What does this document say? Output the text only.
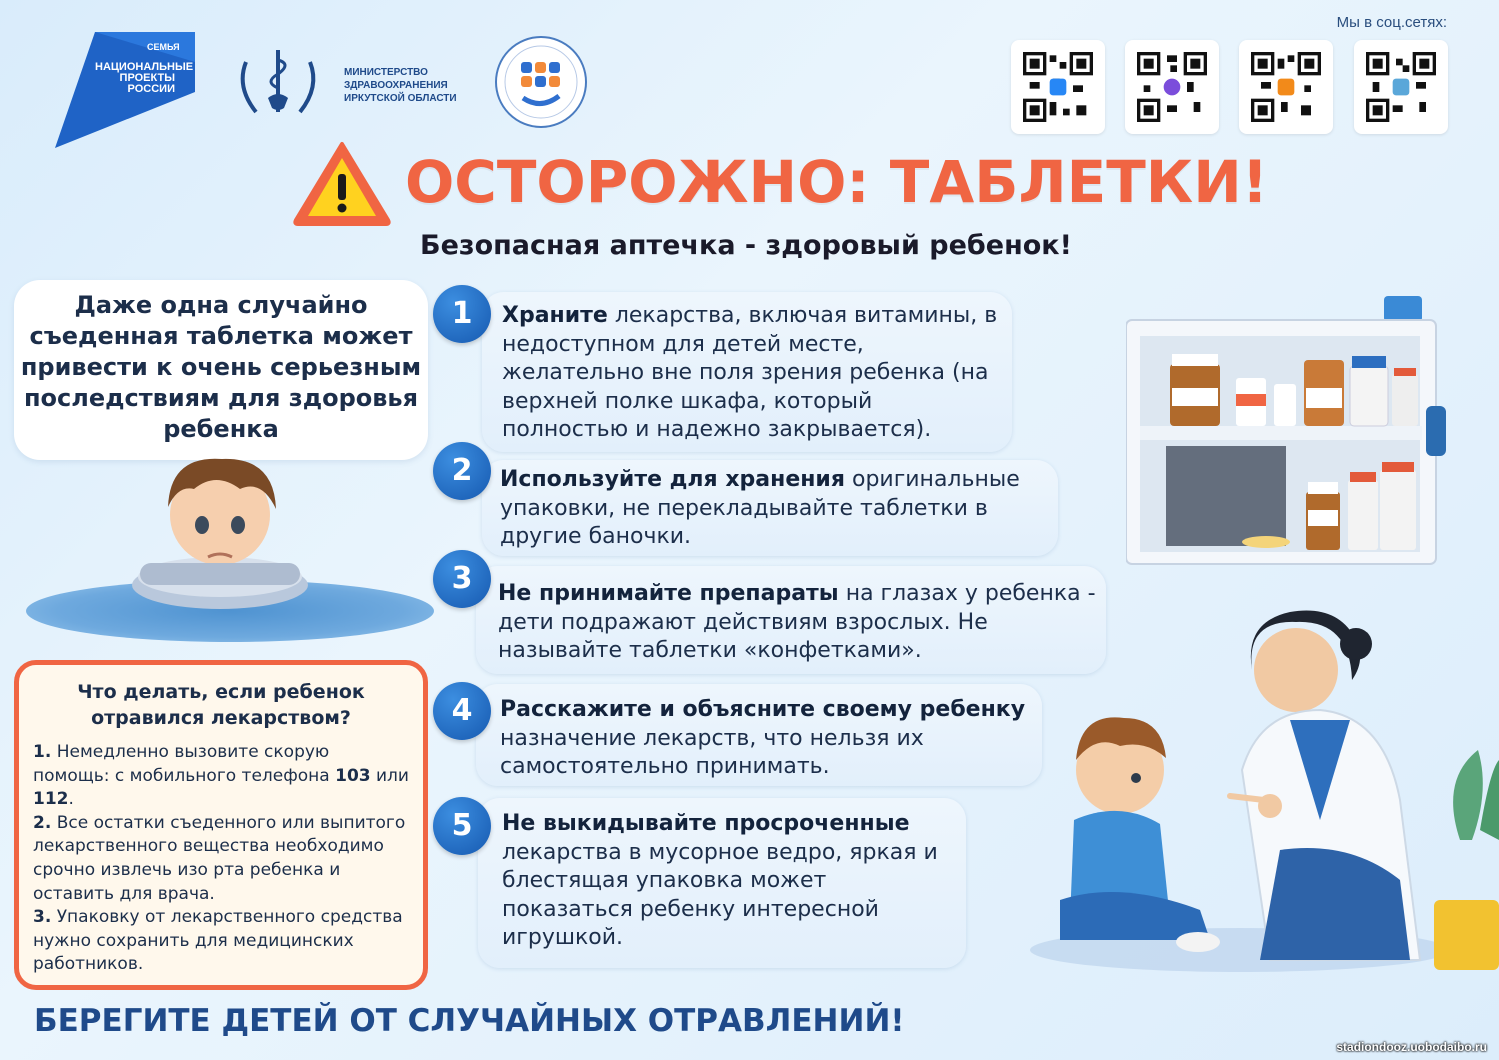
СЕМЬЯ
НАЦИОНАЛЬНЫЕ ПРОЕКТЫ РОССИИ
МИНИСТЕРСТВО ЗДРАВООХРАНЕНИЯ ИРКУТСКОЙ ОБЛАСТИ
Мы в соц.сетях:
ОСТОРОЖНО: ТАБЛЕТКИ!
Безопасная аптечка - здоровый ребенок!

Даже одна случайно съеденная таблетка может привести к очень серьезным последствиям для здоровья ребенка

Что делать, если ребенок отравился лекарством?
1. Немедленно вызовите скорую помощь: с мобильного телефона 103 или 112.
2. Все остатки съеденного или выпитого лекарственного вещества необходимо срочно извлечь изо рта ребенка и оставить для врача.
3. Упаковку от лекарственного средства нужно сохранить для медицинских работников.
БЕРЕГИТЕ ДЕТЕЙ ОТ СЛУЧАЙНЫХ ОТРАВЛЕНИЙ!
stadiondooz.uobodaibo.ru
Храните лекарства, включая витамины, в недоступном для детей месте, желательно вне поля зрения ребенка (на верхней полке шкафа, который полностью и надежно закрывается).
1
Используйте для хранения оригинальные упаковки, не перекладывайте таблетки в другие баночки.
2
Не принимайте препараты на глазах у ребенка - дети подражают действиям взрослых. Не называйте таблетки «конфетками».
3
Расскажите и объясните своему ребенку назначение лекарств, что нельзя их самостоятельно принимать.
4
Не выкидывайте просроченные лекарства в мусорное ведро, яркая и блестящая упаковка может показаться ребенку интересной игрушкой.
5
